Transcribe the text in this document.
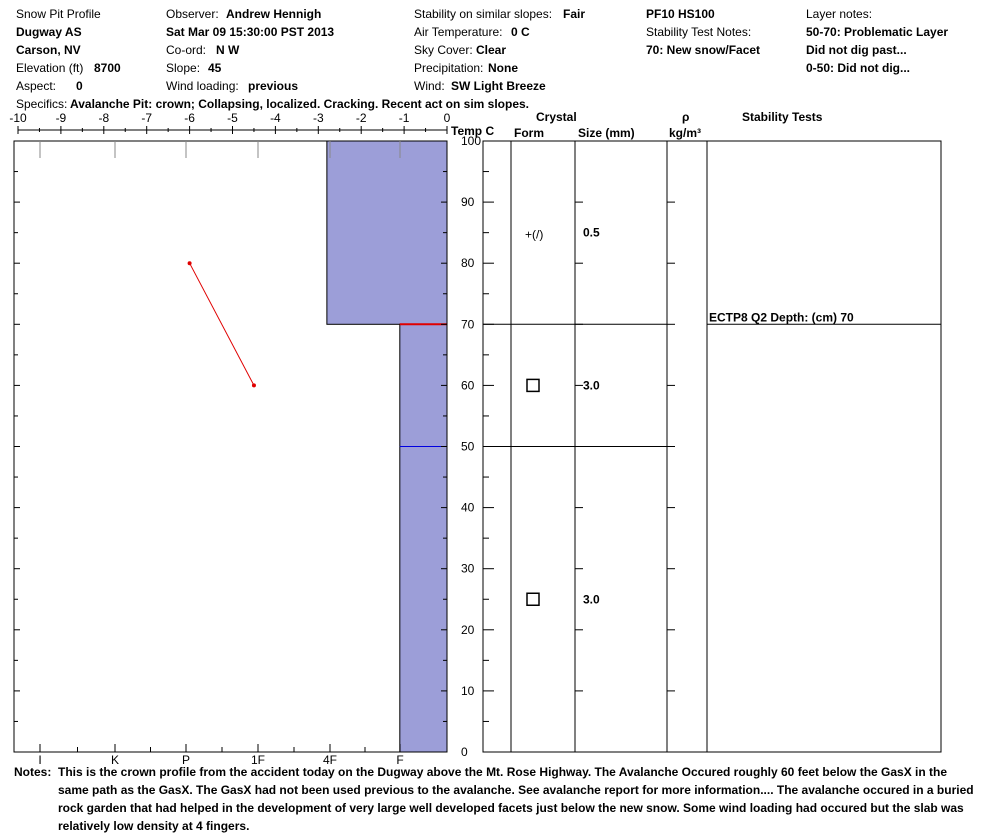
Snow Pit Profile
Dugway AS
Carson, NV
Elevation (ft) 8700
Aspect: 0
Observer: Andrew Hennigh
Sat Mar 09 15:30:00 PST 2013
Co-ord: N W
Slope: 45
Wind loading: previous
Stability on similar slopes: Fair
Air Temperature: 0 C
Sky Cover: Clear
Precipitation: None
Wind: SW Light Breeze
PF10 HS100
Stability Test Notes:
70: New snow/Facet
Layer notes:
50-70: Problematic Layer
Did not dig past...
0-50: Did not dig...
Specifics: Avalanche Pit: crown; Collapsing, localized. Cracking. Recent act on sim slopes.
-10 -9	-8	-7	-6	-5	-4	-3	-2	-1	0
0
10
20
30
40
50
60
70
80
90
100
I	K	P	1F	4F	F
+(/)	0.5
3.0
3.0
ECTP8 Q2 Depth: (cm) 70
Crystal
Form	Size (mm)
ρ
kg/m³
Stability Tests
Temp C
Notes: This is the crown profile from the accident today on the Dugway above the Mt. Rose Highway. The Avalanche Occured roughly 60 feet below the GasX in the same path as the GasX. The GasX had not been used previous to the avalanche. See avalanche report for more information.... The avalanche occured in a buried rock garden that had helped in the development of very large well developed facets just below the new snow. Some wind loading had occured but the slab was relatively low density at 4 fingers.
